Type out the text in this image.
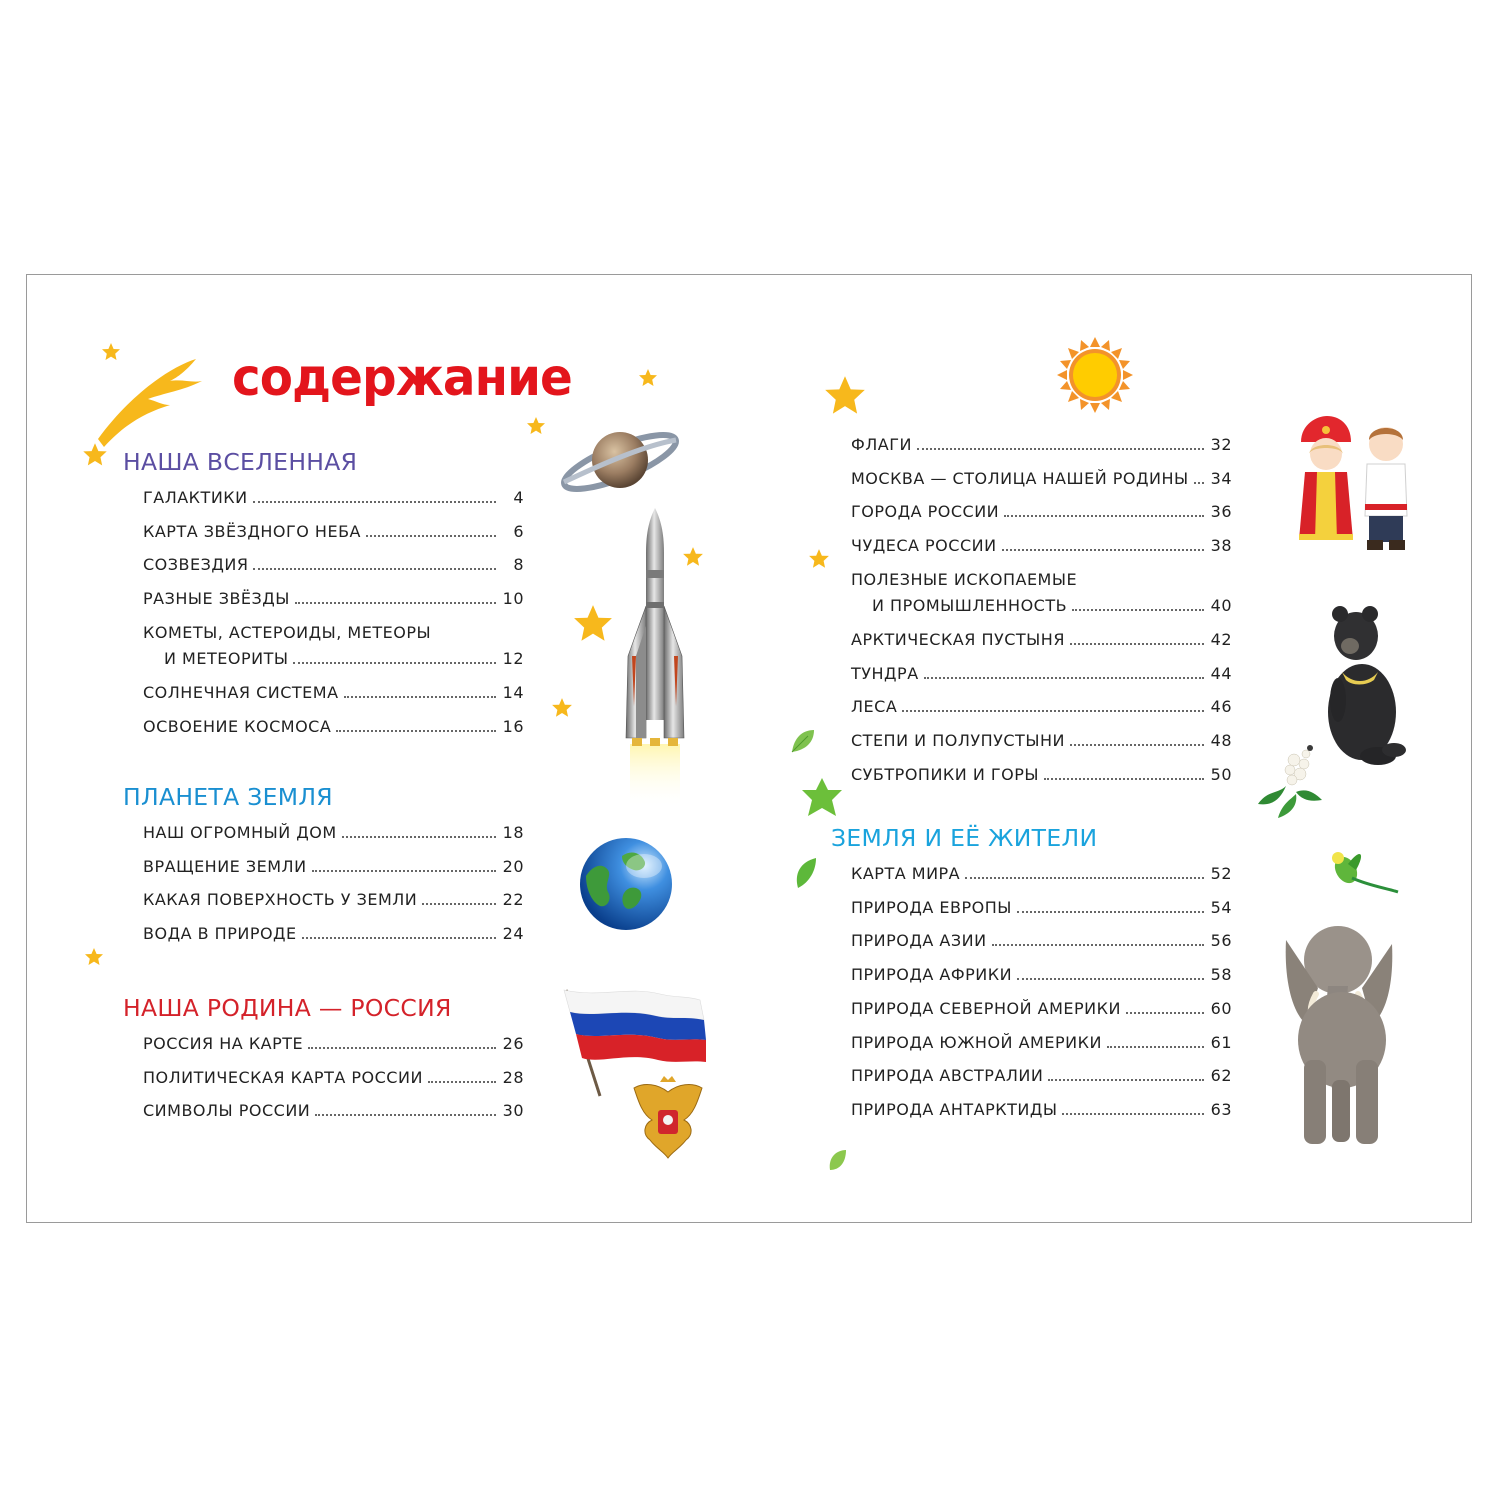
содержание
НАША ВСЕЛЕННАЯ
ГАЛАКТИКИ	4
КАРТА ЗВЁЗДНОГО НЕБА	6
СОЗВЕЗДИЯ	8
РАЗНЫЕ ЗВЁЗДЫ	10
КОМЕТЫ, АСТЕРОИДЫ, МЕТЕОРЫ
И МЕТЕОРИТЫ	12
СОЛНЕЧНАЯ СИСТЕМА	14
ОСВОЕНИЕ КОСМОСА	16
ПЛАНЕТА ЗЕМЛЯ
НАШ ОГРОМНЫЙ ДОМ	18
ВРАЩЕНИЕ ЗЕМЛИ	20
КАКАЯ ПОВЕРХНОСТЬ У ЗЕМЛИ	22
ВОДА В ПРИРОДЕ	24
НАША РОДИНА — РОССИЯ
РОССИЯ НА КАРТЕ	26
ПОЛИТИЧЕСКАЯ КАРТА РОССИИ	28
СИМВОЛЫ РОССИИ	30
ФЛАГИ	32
МОСКВА — СТОЛИЦА НАШЕЙ РОДИНЫ 34
ГОРОДА РОССИИ	36
ЧУДЕСА РОССИИ	38
ПОЛЕЗНЫЕ ИСКОПАЕМЫЕ
И ПРОМЫШЛЕННОСТЬ	40
АРКТИЧЕСКАЯ ПУСТЫНЯ	42
ТУНДРА	44
ЛЕСА	46
СТЕПИ И ПОЛУПУСТЫНИ	48
СУБТРОПИКИ И ГОРЫ	50
ЗЕМЛЯ И ЕЁ ЖИТЕЛИ
КАРТА МИРА	52
ПРИРОДА ЕВРОПЫ	54
ПРИРОДА АЗИИ	56
ПРИРОДА АФРИКИ	58
ПРИРОДА СЕВЕРНОЙ АМЕРИКИ	60
ПРИРОДА ЮЖНОЙ АМЕРИКИ	61
ПРИРОДА АВСТРАЛИИ	62
ПРИРОДА АНТАРКТИДЫ	63
